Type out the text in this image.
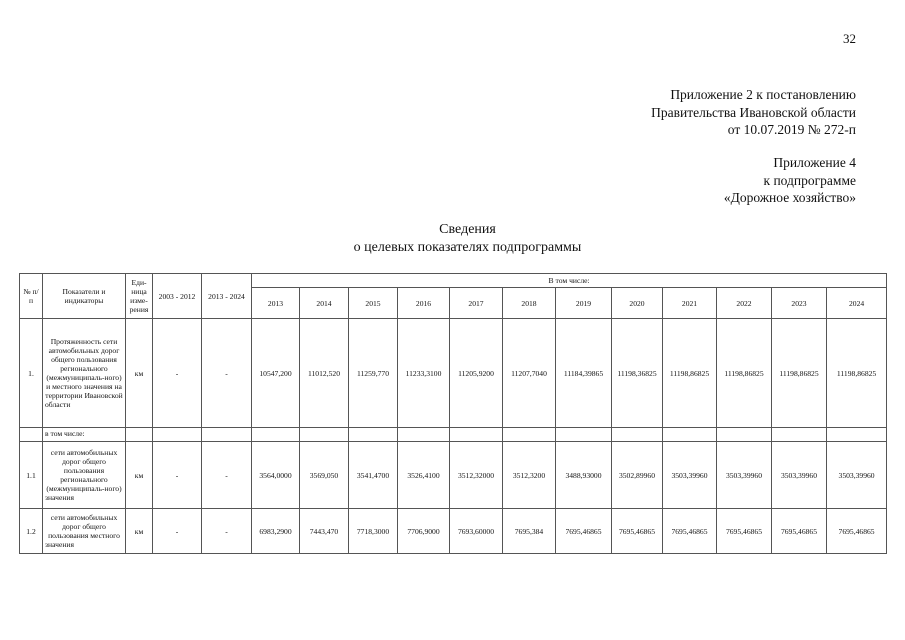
32
Приложение 2 к постановлению
Правительства Ивановской области
от 10.07.2019 № 272-п
Приложение 4
к подпрограмме
«Дорожное хозяйство»
Сведения
о целевых показателях подпрограммы
№ п/п	Показатели и индикаторы	Еди-ница изме-рения	2003 - 2012	2013 - 2024	В том числе:											
					2013	2014	2015	2016	2017	2018	2019	2020	2021	2022	2023	2024
1.	Протяженность сети автомобильных дорог общего пользования регионального (межмуниципаль-ного) и местного значения на территории Ивановской области	км	-	-	10547,200	11012,520	11259,770	11233,3100	11205,9200	11207,7040	11184,39865	11198,36825	11198,86825	11198,86825	11198,86825	11198,86825
	в том числе:															
1.1	сети автомобильных дорог общего пользования регионального (межмуниципаль-ного) значения	км	-	-	3564,0000	3569,050	3541,4700	3526,4100	3512,32000	3512,3200	3488,93000	3502,89960	3503,39960	3503,39960	3503,39960	3503,39960
1.2	сети автомобильных дорог общего пользования местного значения	км	-	-	6983,2900	7443,470	7718,3000	7706,9000	7693,60000	7695,384	7695,46865	7695,46865	7695,46865	7695,46865	7695,46865	7695,46865
